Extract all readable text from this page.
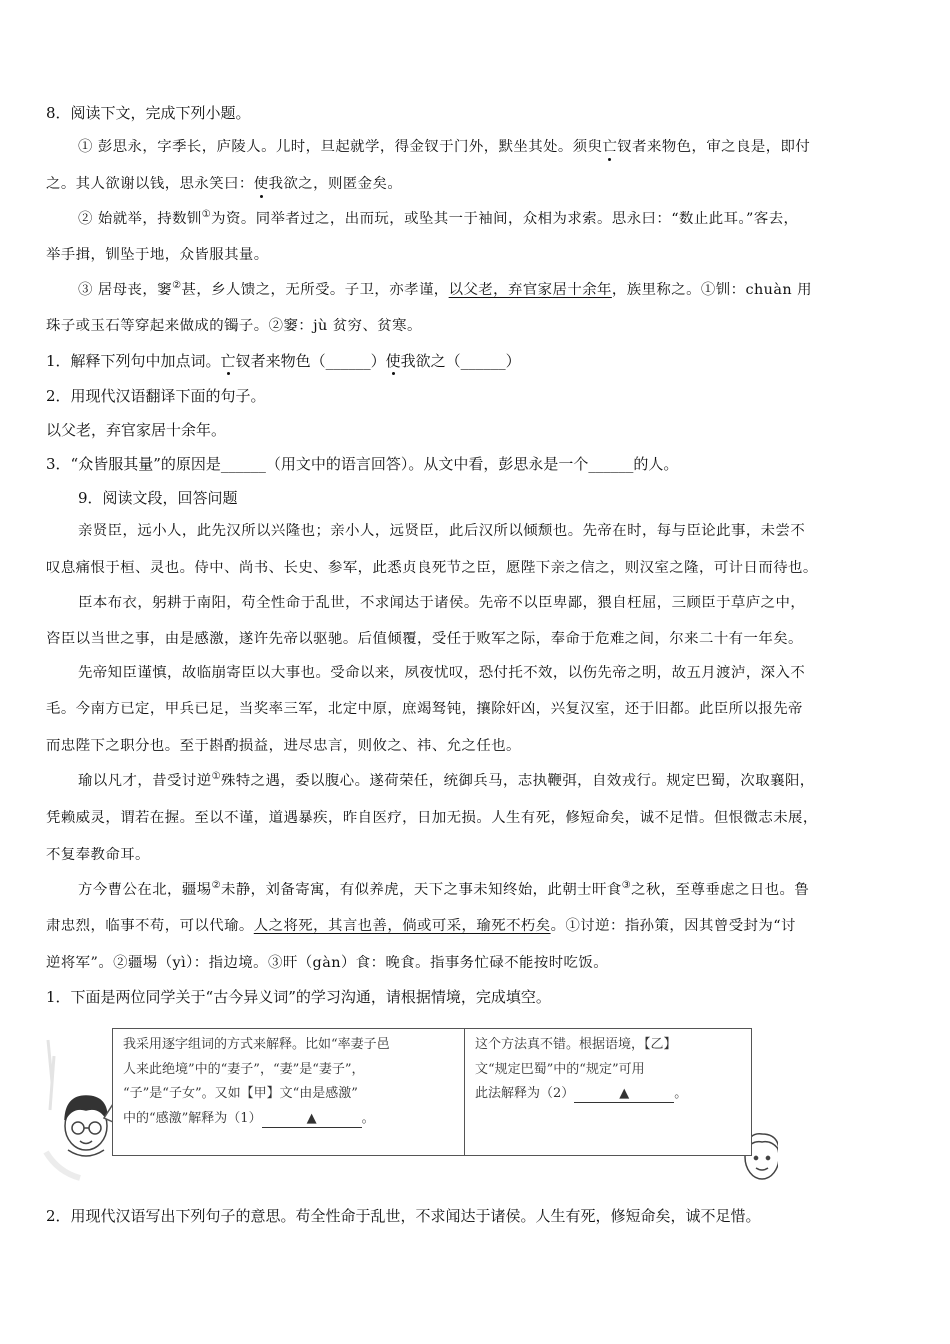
8．阅读下文，完成下列小题。
① 彭思永，字季长，庐陵人。儿时，旦起就学，得金钗于门外，默坐其处。须臾亡钗者来物色，审之良是，即付
之。其人欲谢以钱，思永笑曰：使我欲之，则匿金矣。
② 始就举，持数钏①为资。同举者过之，出而玩，或坠其一于袖间，众相为求索。思永曰：“数止此耳。”客去，
举手揖，钏坠于地，众皆服其量。
③ 居母丧，窭②甚，乡人馈之，无所受。子卫，亦孝谨，以父老，弃官家居十余年，族里称之。①钏：chuàn 用
珠子或玉石等穿起来做成的镯子。②窭：jù 贫穷、贫寒。
1．解释下列句中加点词。亡钗者来物色（______）使我欲之（______）
2．用现代汉语翻译下面的句子。
以父老，弃官家居十余年。
3．“众皆服其量”的原因是______（用文中的语言回答）。从文中看，彭思永是一个______的人。
9．阅读文段，回答问题
亲贤臣，远小人，此先汉所以兴隆也；亲小人，远贤臣，此后汉所以倾颓也。先帝在时，每与臣论此事，未尝不
叹息痛恨于桓、灵也。侍中、尚书、长史、参军，此悉贞良死节之臣，愿陛下亲之信之，则汉室之隆，可计日而待也。
臣本布衣，躬耕于南阳，苟全性命于乱世，不求闻达于诸侯。先帝不以臣卑鄙，猥自枉屈，三顾臣于草庐之中，
咨臣以当世之事，由是感激，遂许先帝以驱驰。后值倾覆，受任于败军之际，奉命于危难之间，尔来二十有一年矣。
先帝知臣谨慎，故临崩寄臣以大事也。受命以来，夙夜忧叹，恐付托不效，以伤先帝之明，故五月渡泸，深入不
毛。今南方已定，甲兵已足，当奖率三军，北定中原，庶竭驽钝，攘除奸凶，兴复汉室，还于旧都。此臣所以报先帝
而忠陛下之职分也。至于斟酌损益，进尽忠言，则攸之、祎、允之任也。
瑜以凡才，昔受讨逆①殊特之遇，委以腹心。遂荷荣任，统御兵马，志执鞭弭，自效戎行。规定巴蜀，次取襄阳，
凭赖威灵，谓若在握。至以不谨，道遇暴疾，昨自医疗，日加无损。人生有死，修短命矣，诚不足惜。但恨微志未展，
不复奉教命耳。
方今曹公在北，疆埸②未静，刘备寄寓，有似养虎，天下之事未知终始，此朝士旰食③之秋，至尊垂虑之日也。鲁
肃忠烈，临事不苟，可以代瑜。人之将死，其言也善，倘或可采，瑜死不朽矣。①讨逆：指孙策，因其曾受封为“讨
逆将军”。②疆埸（yì）：指边境。③旰（gàn）食：晚食。指事务忙碌不能按时吃饭。
1．下面是两位同学关于“古今异义词”的学习沟通，请根据情境，完成填空。
我采用逐字组词的方式来解释。比如“率妻子邑
人来此绝境”中的“妻子”，“妻”是“妻子”，
“子”是“子女”。又如【甲】文“由是感激”
中的“感激”解释为（1）	▲	。
这个方法真不错。根据语境，【乙】
文“规定巴蜀”中的“规定”可用
此法解释为（2）	▲	。
2．用现代汉语写出下列句子的意思。苟全性命于乱世，不求闻达于诸侯。人生有死，修短命矣，诚不足惜。
